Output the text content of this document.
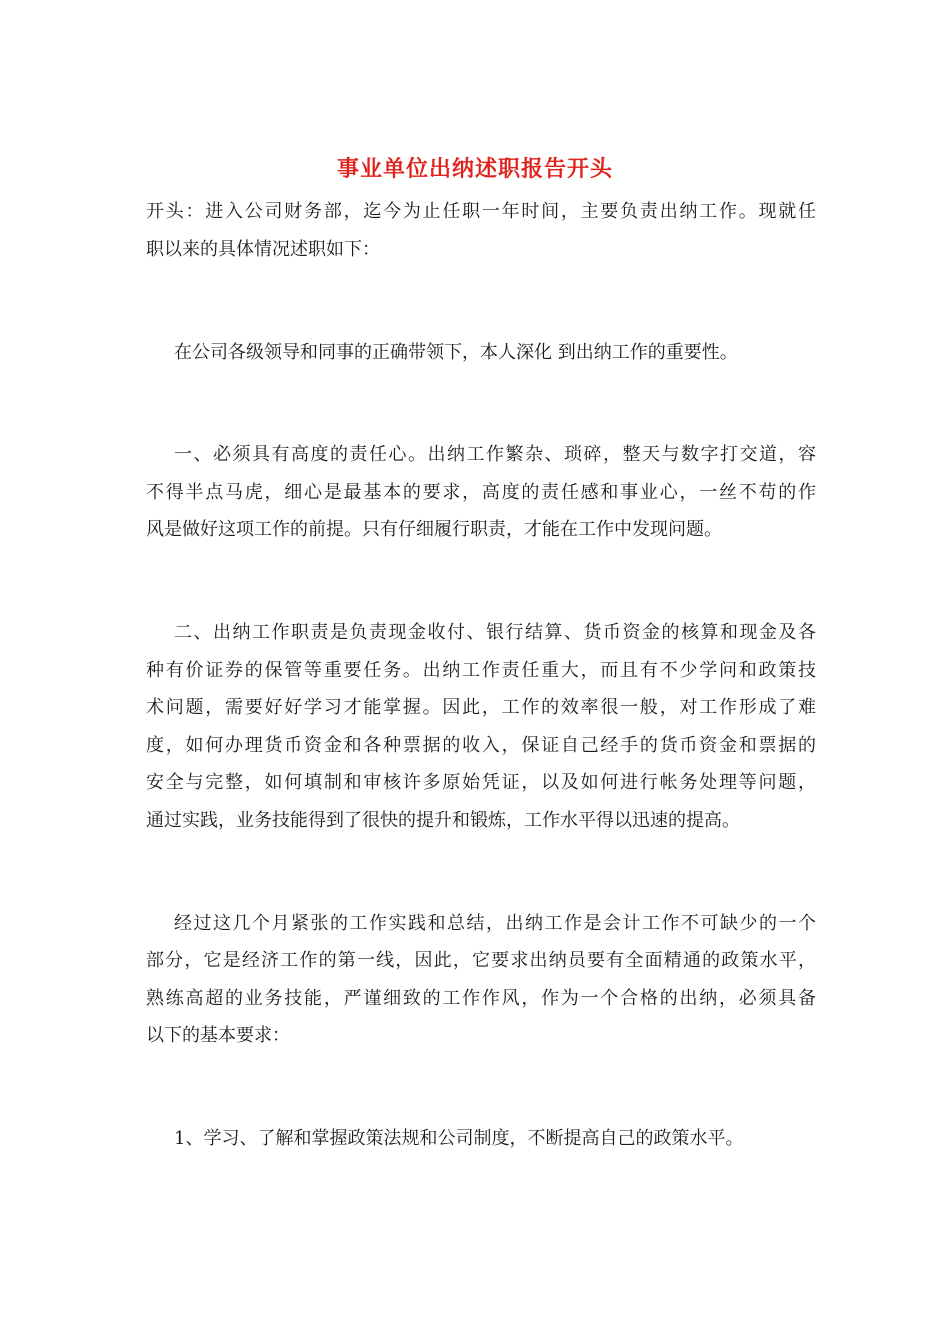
事业单位出纳述职报告开头
开头：进入公司财务部，迄今为止任职一年时间，主要负责出纳工作。现就任
职以来的具体情况述职如下：
在公司各级领导和同事的正确带领下，本人深化 到出纳工作的重要性。
一、必须具有高度的责任心。出纳工作繁杂、琐碎，整天与数字打交道，容
不得半点马虎，细心是最基本的要求，高度的责任感和事业心，一丝不苟的作
风是做好这项工作的前提。只有仔细履行职责，才能在工作中发现问题。
二、出纳工作职责是负责现金收付、银行结算、货币资金的核算和现金及各
种有价证券的保管等重要任务。出纳工作责任重大，而且有不少学问和政策技
术问题，需要好好学习才能掌握。因此，工作的效率很一般，对工作形成了难
度，如何办理货币资金和各种票据的收入，保证自己经手的货币资金和票据的
安全与完整，如何填制和审核许多原始凭证，以及如何进行帐务处理等问题，
通过实践，业务技能得到了很快的提升和锻炼，工作水平得以迅速的提高。
经过这几个月紧张的工作实践和总结，出纳工作是会计工作不可缺少的一个
部分，它是经济工作的第一线，因此，它要求出纳员要有全面精通的政策水平，
熟练高超的业务技能，严谨细致的工作作风，作为一个合格的出纳，必须具备
以下的基本要求：
1、学习、了解和掌握政策法规和公司制度，不断提高自己的政策水平。
